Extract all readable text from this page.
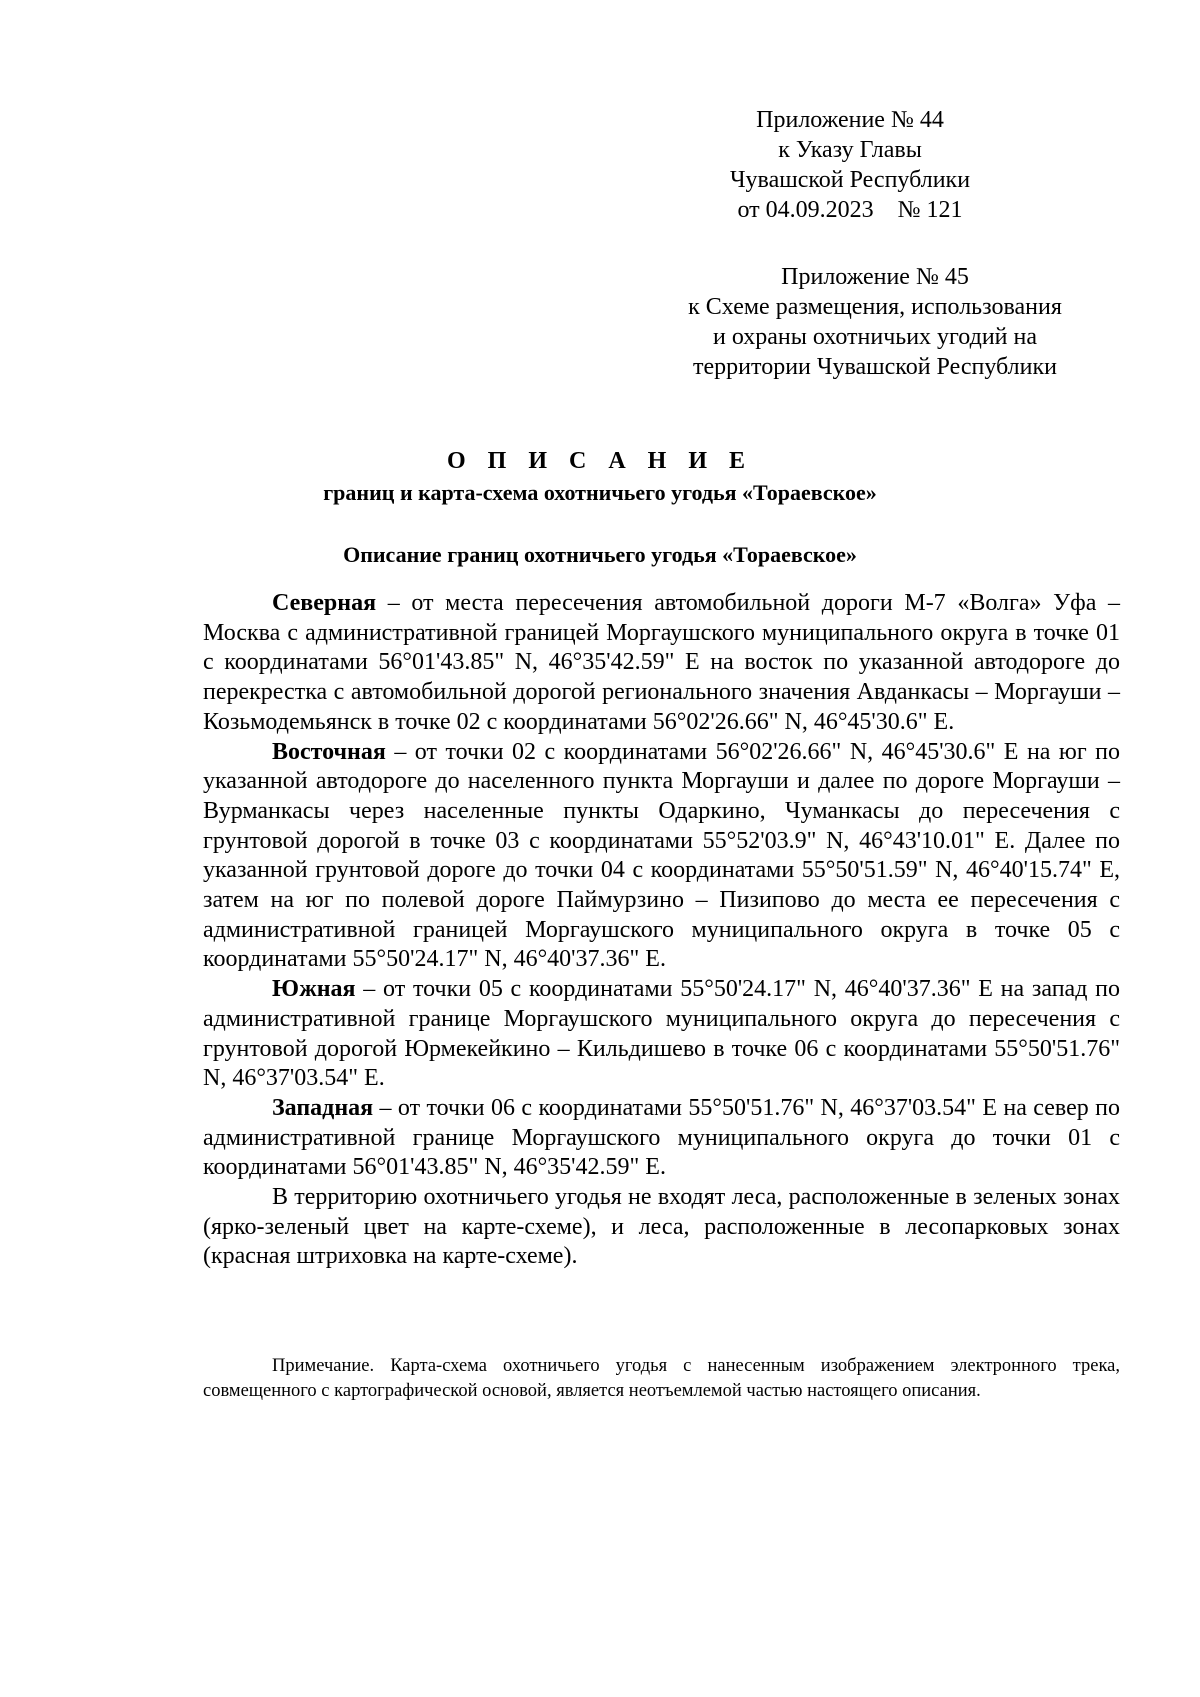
Приложение № 44
к Указу Главы
Чувашской Республики
от 04.09.2023    № 121
Приложение № 45
к Схеме размещения, использования
и охраны охотничьих угодий на
территории Чувашской Республики

О П И С А Н И Е

границ и карта-схема охотничьего угодья «Тораевское»

Описание границ охотничьего угодья «Тораевское»

Северная – от места пересечения автомобильной дороги М-7 «Волга» Уфа – Москва с административной границей Моргаушского муниципального округа в точке 01 с координатами 56°01'43.85" N, 46°35'42.59" E на восток по указанной автодороге до перекрестка с автомобильной дорогой регионального значения Авданкасы – Моргауши – Козьмодемьянск в точке 02 с координатами 56°02'26.66" N, 46°45'30.6" E.

Восточная – от точки 02 с координатами 56°02'26.66" N, 46°45'30.6" E на юг по указанной автодороге до населенного пункта Моргауши и далее по дороге Моргауши – Вурманкасы через населенные пункты Одаркино, Чуманкасы до пересечения с грунтовой дорогой в точке 03 с координатами 55°52'03.9" N, 46°43'10.01" E. Далее по указанной грунтовой дороге до точки 04 с координатами 55°50'51.59" N, 46°40'15.74" E, затем на юг по полевой дороге Паймурзино – Пизипово до места ее пересечения с административной границей Моргаушского муниципального округа в точке 05 с координатами 55°50'24.17" N, 46°40'37.36" E.

Южная – от точки 05 с координатами 55°50'24.17" N, 46°40'37.36" E на запад по административной границе Моргаушского муниципального округа до пересечения с грунтовой дорогой Юрмекейкино – Кильдишево в точке 06 с координатами 55°50'51.76" N, 46°37'03.54" E.

Западная – от точки 06 с координатами 55°50'51.76" N, 46°37'03.54" E на север по административной границе Моргаушского муниципального округа до точки 01 с координатами 56°01'43.85" N, 46°35'42.59" E.

В территорию охотничьего угодья не входят леса, расположенные в зеленых зонах (ярко-зеленый цвет на карте-схеме), и леса, расположенные в лесопарковых зонах (красная штриховка на карте-схеме).

Примечание. Карта-схема охотничьего угодья с нанесенным изображением электронного трека, совмещенного с картографической основой, является неотъемлемой частью настоящего описания.
